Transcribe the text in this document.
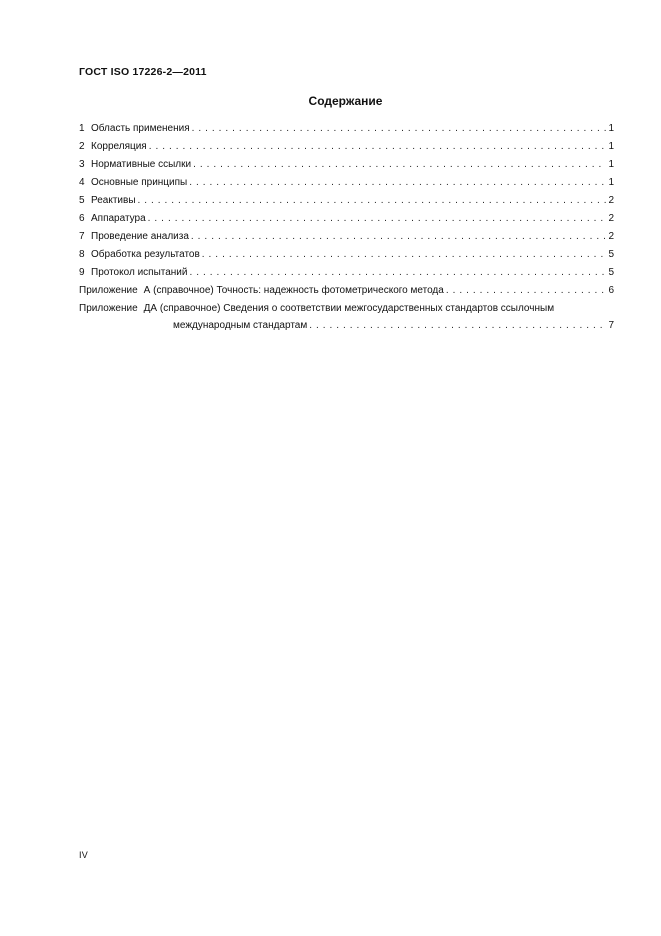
ГОСТ ISO 17226-2—2011
Содержание
1 Область применения . . .	1
2 Корреляция . . .	1
3 Нормативные ссылки . . .	1
4 Основные принципы . . .	1
5 Реактивы . . .	2
6 Аппаратура . . .	2
7 Проведение анализа . . .	2
8 Обработка результатов . . .	5
9 Протокол испытаний . . .	5
Приложение А (справочное) Точность: надежность фотометрического метода . . .	6
Приложение ДА (справочное) Сведения о соответствии межгосударственных стандартов ссылочным
международным стандартам . . .	7
IV
